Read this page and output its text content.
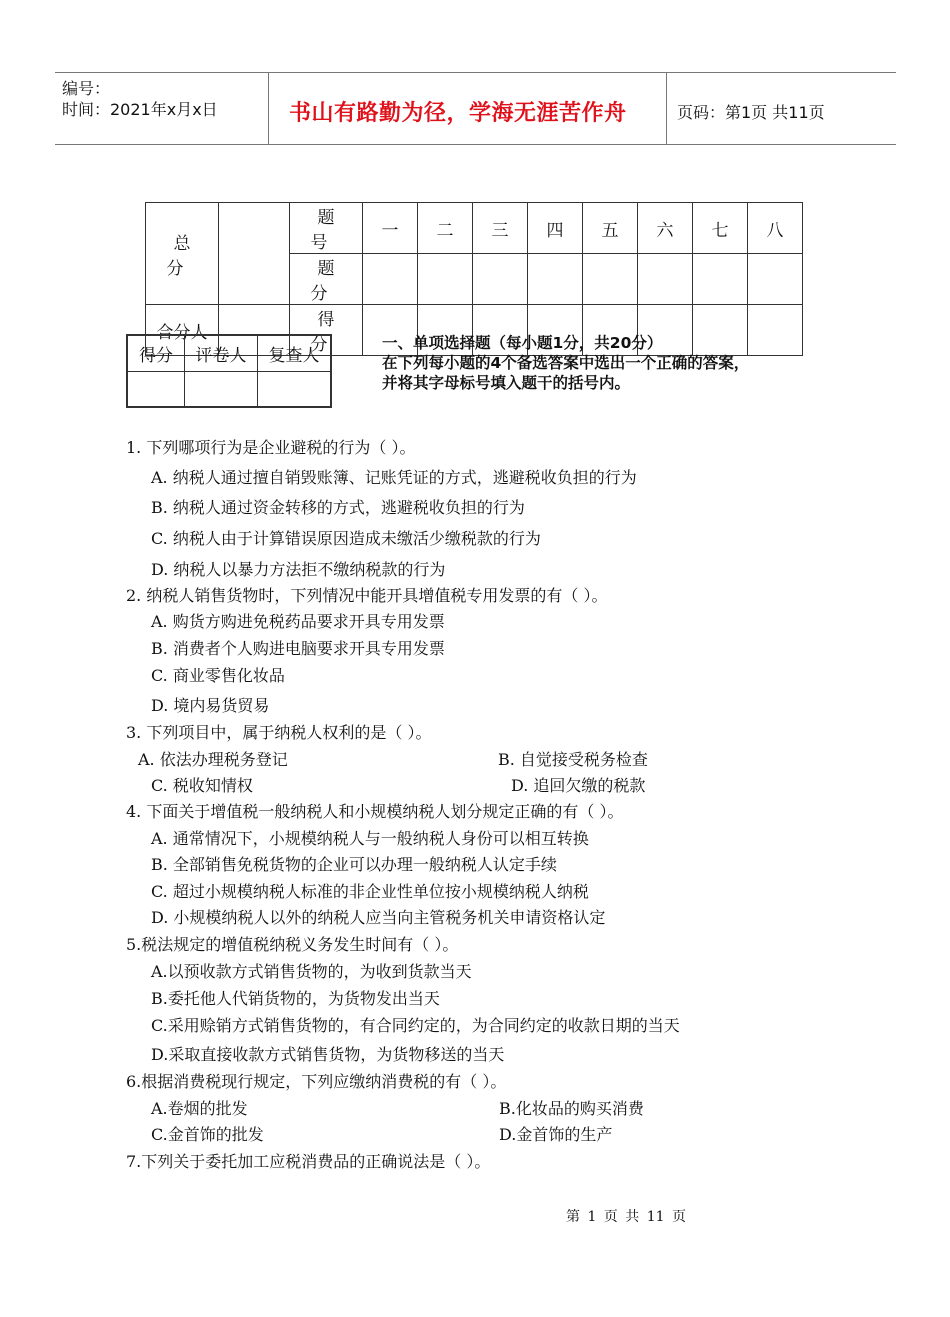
编号：
时间：2021年x月x日	书山有路勤为径，学海无涯苦作舟	页码：第1页 共11页
总分		题号	一	二	三	四	五	六	七	八
		题分								
合分人		得分								
得分	评卷人	复查人

一、单项选择题（每小题1分，共20分）
在下列每小题的4个备选答案中选出一个正确的答案，
并将其字母标号填入题干的括号内。
1. 下列哪项行为是企业避税的行为（ ）。
A. 纳税人通过擅自销毁账簿、记账凭证的方式，逃避税收负担的行为
B. 纳税人通过资金转移的方式，逃避税收负担的行为
C. 纳税人由于计算错误原因造成未缴活少缴税款的行为
D. 纳税人以暴力方法拒不缴纳税款的行为
2. 纳税人销售货物时，下列情况中能开具增值税专用发票的有（ ）。
A. 购货方购进免税药品要求开具专用发票
B. 消费者个人购进电脑要求开具专用发票
C. 商业零售化妆品
D. 境内易货贸易
3. 下列项目中，属于纳税人权利的是（ ）。
A. 依法办理税务登记	B. 自觉接受税务检查
C. 税收知情权	D. 追回欠缴的税款
4. 下面关于增值税一般纳税人和小规模纳税人划分规定正确的有（ ）。
A. 通常情况下，小规模纳税人与一般纳税人身份可以相互转换
B. 全部销售免税货物的企业可以办理一般纳税人认定手续
C. 超过小规模纳税人标准的非企业性单位按小规模纳税人纳税
D. 小规模纳税人以外的纳税人应当向主管税务机关申请资格认定
5.税法规定的增值税纳税义务发生时间有（ ）。
A.以预收款方式销售货物的，为收到货款当天
B.委托他人代销货物的，为货物发出当天
C.采用赊销方式销售货物的，有合同约定的，为合同约定的收款日期的当天
D.采取直接收款方式销售货物，为货物移送的当天
6.根据消费税现行规定，下列应缴纳消费税的有（ ）。
A.卷烟的批发	B.化妆品的购买消费
C.金首饰的批发	D.金首饰的生产
7.下列关于委托加工应税消费品的正确说法是（ ）。
第 1 页 共 11 页
